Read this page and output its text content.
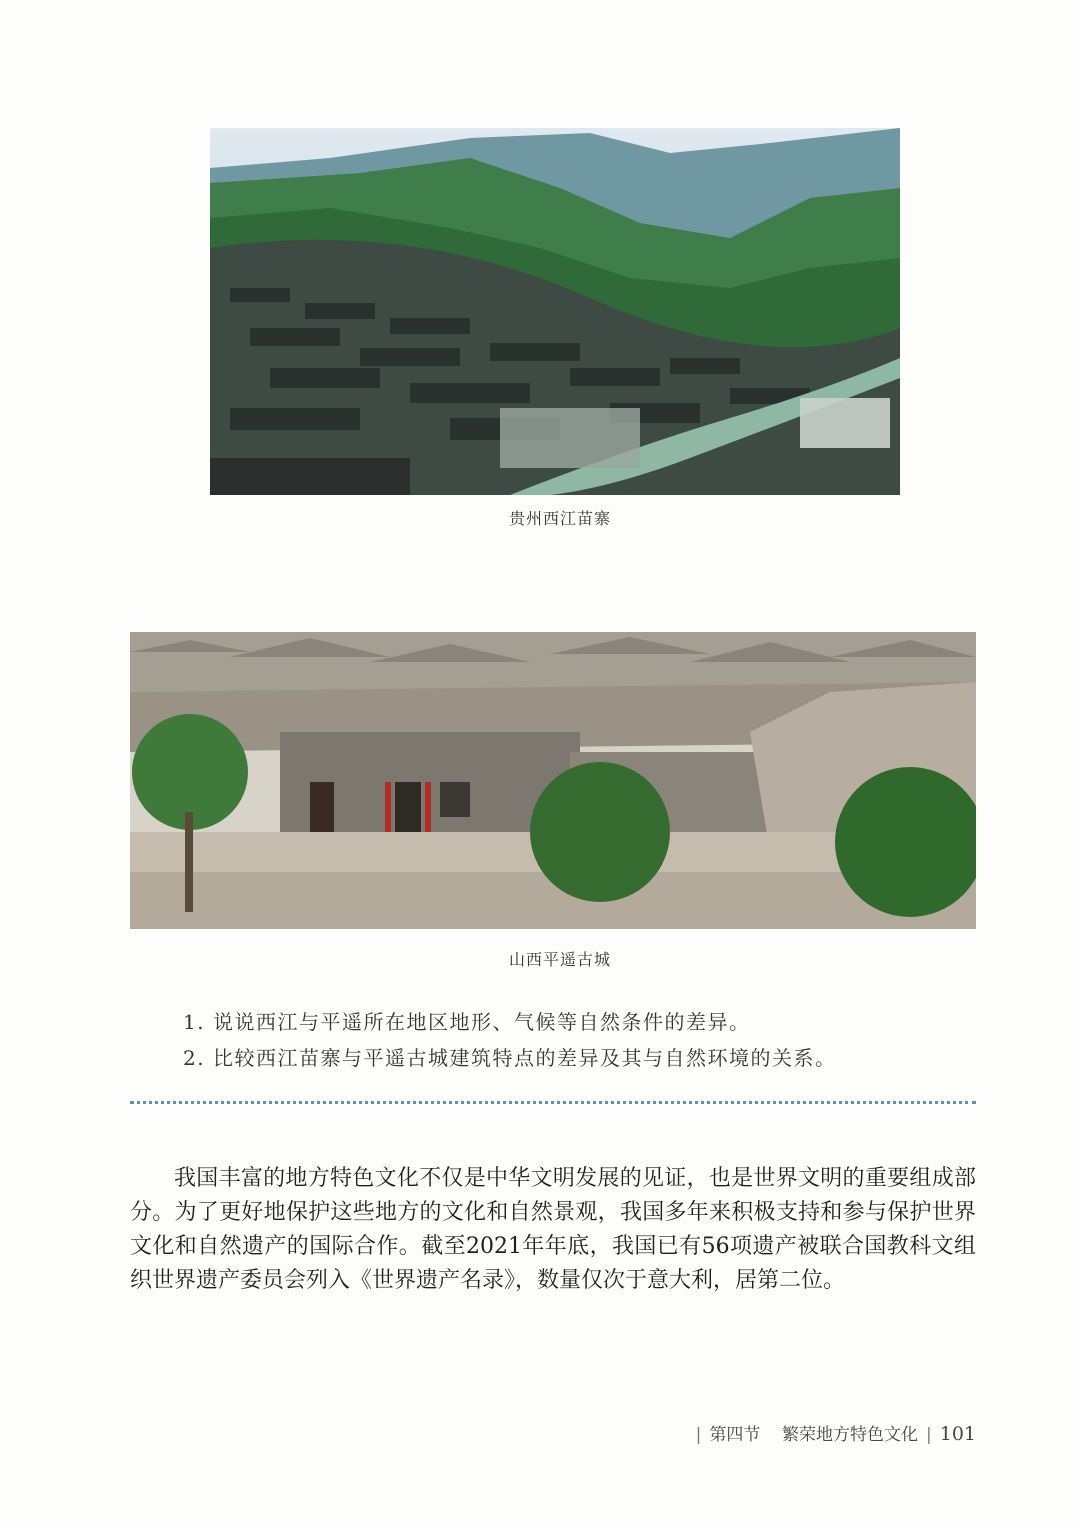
贵州西江苗寨
山西平遥古城
1. 说说西江与平遥所在地区地形、气候等自然条件的差异。
2. 比较西江苗寨与平遥古城建筑特点的差异及其与自然环境的关系。

我国丰富的地方特色文化不仅是中华文明发展的见证，也是世界文明的重要组成部分。为了更好地保护这些地方的文化和自然景观，我国多年来积极支持和参与保护世界文化和自然遗产的国际合作。截至2021年年底，我国已有56项遗产被联合国教科文组织世界遗产委员会列入《世界遗产名录》，数量仅次于意大利，居第二位。

| 第四节 繁荣地方特色文化 | 101
